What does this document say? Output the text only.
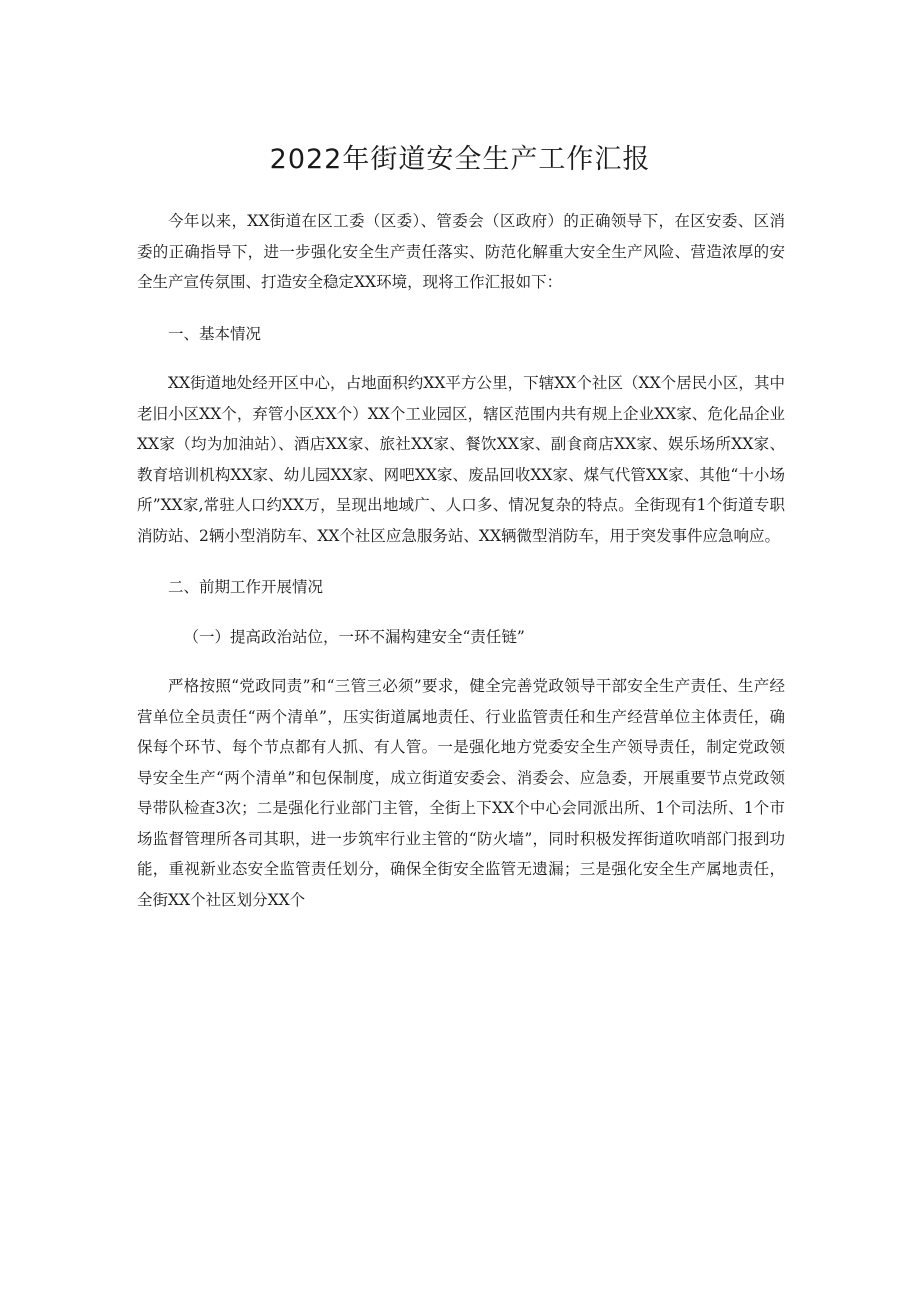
2022年街道安全生产工作汇报

今年以来，XX街道在区工委（区委）、管委会（区政府）的正确领导下，在区安委、区消委的正确指导下，进一步强化安全生产责任落实、防范化解重大安全生产风险、营造浓厚的安全生产宣传氛围、打造安全稳定XX环境，现将工作汇报如下：

一、基本情况

XX街道地处经开区中心，占地面积约XX平方公里，下辖XX个社区（XX个居民小区，其中老旧小区XX个，弃管小区XX个）XX个工业园区，辖区范围内共有规上企业XX家、危化品企业XX家（均为加油站）、酒店XX家、旅社XX家、餐饮XX家、副食商店XX家、娱乐场所XX家、教育培训机构XX家、幼儿园XX家、网吧XX家、废品回收XX家、煤气代管XX家、其他“十小场所”XX家,常驻人口约XX万，呈现出地域广、人口多、情况复杂的特点。全街现有1个街道专职消防站、2辆小型消防车、XX个社区应急服务站、XX辆微型消防车，用于突发事件应急响应。

二、前期工作开展情况

（一）提高政治站位，一环不漏构建安全“责任链”

严格按照“党政同责”和“三管三必须”要求，健全完善党政领导干部安全生产责任、生产经营单位全员责任“两个清单”，压实街道属地责任、行业监管责任和生产经营单位主体责任，确保每个环节、每个节点都有人抓、有人管。一是强化地方党委安全生产领导责任，制定党政领导安全生产“两个清单”和包保制度，成立街道安委会、消委会、应急委，开展重要节点党政领导带队检查3次；二是强化行业部门主管，全街上下XX个中心会同派出所、1个司法所、1个市场监督管理所各司其职，进一步筑牢行业主管的“防火墙”，同时积极发挥街道吹哨部门报到功能，重视新业态安全监管责任划分，确保全街安全监管无遗漏；三是强化安全生产属地责任，全街XX个社区划分XX个
